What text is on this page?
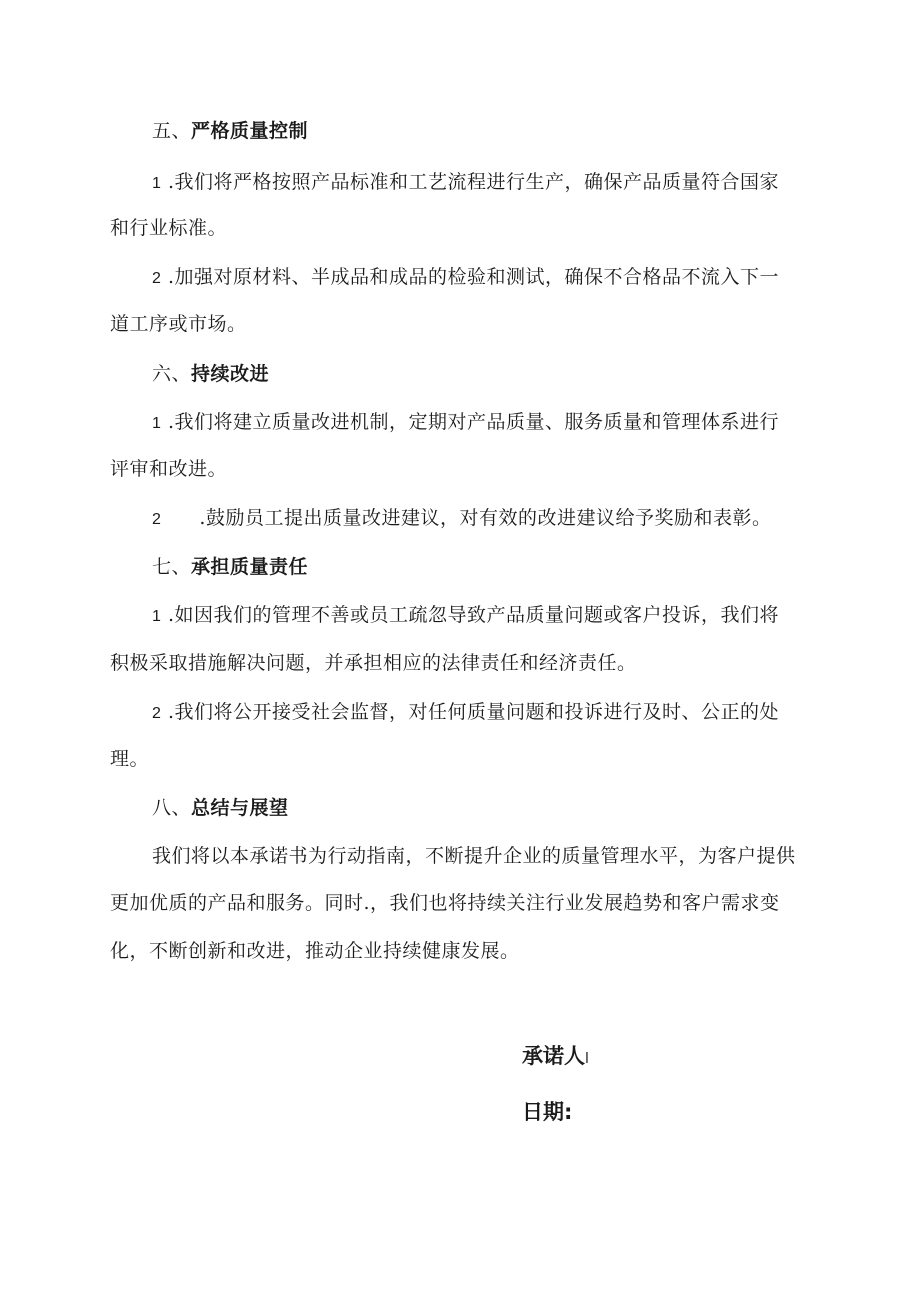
五、严格质量控制
1 .我们将严格按照产品标准和工艺流程进行生产，确保产品质量符合国家
和行业标准。
2 .加强对原材料、半成品和成品的检验和测试，确保不合格品不流入下一
道工序或市场。
六、持续改进
1 .我们将建立质量改进机制，定期对产品质量、服务质量和管理体系进行
评审和改进。
2 .鼓励员工提出质量改进建议，对有效的改进建议给予奖励和表彰。
七、承担质量责任
1 .如因我们的管理不善或员工疏忽导致产品质量问题或客户投诉，我们将
积极采取措施解决问题，并承担相应的法律责任和经济责任。
2 .我们将公开接受社会监督，对任何质量问题和投诉进行及时、公正的处
理。
八、总结与展望
我们将以本承诺书为行动指南，不断提升企业的质量管理水平，为客户提供
更加优质的产品和服务。同时.，我们也将持续关注行业发展趋势和客户需求变
化，不断创新和改进，推动企业持续健康发展。
承诺人l
日期:
